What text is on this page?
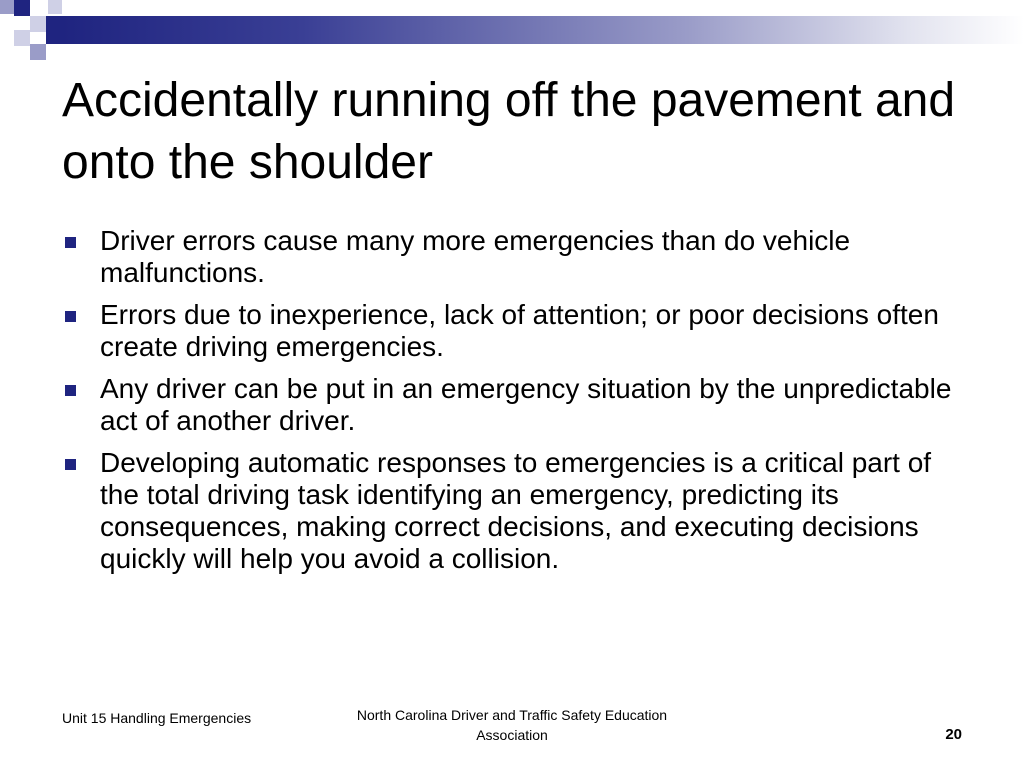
Accidentally running off the pavement and onto the shoulder
Driver errors cause many more emergencies than do vehicle malfunctions.
Errors due to inexperience, lack of attention; or poor decisions often create driving emergencies.
Any driver can be put in an emergency situation by the unpredictable act of another driver.
Developing automatic responses to emergencies is a critical part of the total driving task identifying an emergency, predicting its consequences, making correct decisions, and executing decisions quickly will help you avoid a collision.
Unit 15 Handling Emergencies	North Carolina Driver and Traffic Safety Education Association	20
